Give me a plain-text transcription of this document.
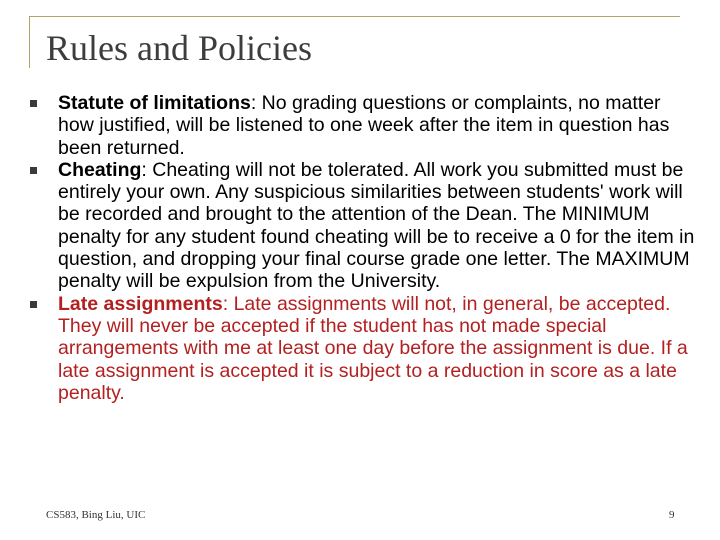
Rules and Policies
Statute of limitations: No grading questions or complaints, no matter how justified, will be listened to one week after the item in question has been returned.
Cheating: Cheating will not be tolerated. All work you submitted must be entirely your own. Any suspicious similarities between students' work will be recorded and brought to the attention of the Dean. The MINIMUM penalty for any student found cheating will be to receive a 0 for the item in question, and dropping your final course grade one letter. The MAXIMUM penalty will be expulsion from the University.
Late assignments: Late assignments will not, in general, be accepted. They will never be accepted if the student has not made special arrangements with me at least one day before the assignment is due. If a late assignment is accepted it is subject to a reduction in score as a late penalty.
CS583, Bing Liu, UIC	9
